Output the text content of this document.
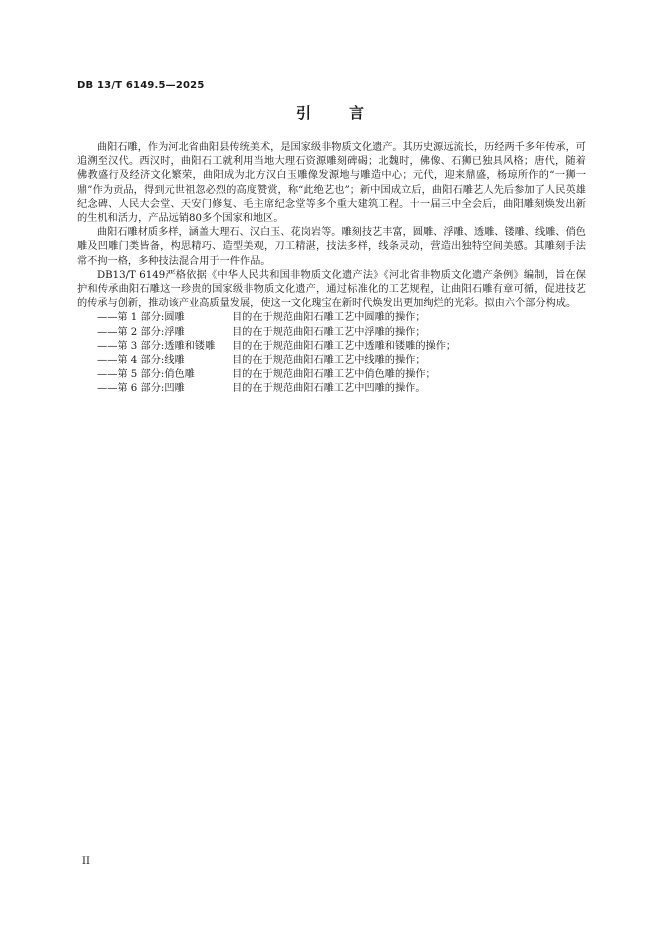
DB 13/T 6149.5—2025
引 言

曲阳石雕，作为河北省曲阳县传统美术，是国家级非物质文化遗产。其历史源远流长，历经两千多年传承，可追溯至汉代。西汉时，曲阳石工就利用当地大理石资源雕刻碑碣；北魏时，佛像、石狮已独具风格；唐代，随着佛教盛行及经济文化繁荣，曲阳成为北方汉白玉雕像发源地与雕造中心；元代，迎来鼎盛，杨琼所作的“一狮一鼎”作为贡品，得到元世祖忽必烈的高度赞赏，称“此绝艺也”；新中国成立后，曲阳石雕艺人先后参加了人民英雄纪念碑、人民大会堂、天安门修复、毛主席纪念堂等多个重大建筑工程。十一届三中全会后，曲阳雕刻焕发出新的生机和活力，产品远销80多个国家和地区。

曲阳石雕材质多样，涵盖大理石、汉白玉、花岗岩等。雕刻技艺丰富，圆雕、浮雕、透雕、镂雕、线雕、俏色雕及凹雕门类皆备，构思精巧、造型美观，刀工精湛，技法多样，线条灵动，营造出独特空间美感。其雕刻手法常不拘一格，多种技法混合用于一件作品。

DB13/T 6149严格依据《中华人民共和国非物质文化遗产法》《河北省非物质文化遗产条例》编制，旨在保护和传承曲阳石雕这一珍贵的国家级非物质文化遗产，通过标准化的工艺规程，让曲阳石雕有章可循，促进技艺的传承与创新，推动该产业高质量发展，使这一文化瑰宝在新时代焕发出更加绚烂的光彩。拟由六个部分构成。

——第 1 部分:圆雕	目的在于规范曲阳石雕工艺中圆雕的操作；
——第 2 部分:浮雕	目的在于规范曲阳石雕工艺中浮雕的操作；
——第 3 部分:透雕和镂雕	目的在于规范曲阳石雕工艺中透雕和镂雕的操作；
——第 4 部分:线雕	目的在于规范曲阳石雕工艺中线雕的操作；
——第 5 部分:俏色雕	目的在于规范曲阳石雕工艺中俏色雕的操作；
——第 6 部分:凹雕	目的在于规范曲阳石雕工艺中凹雕的操作。
II
